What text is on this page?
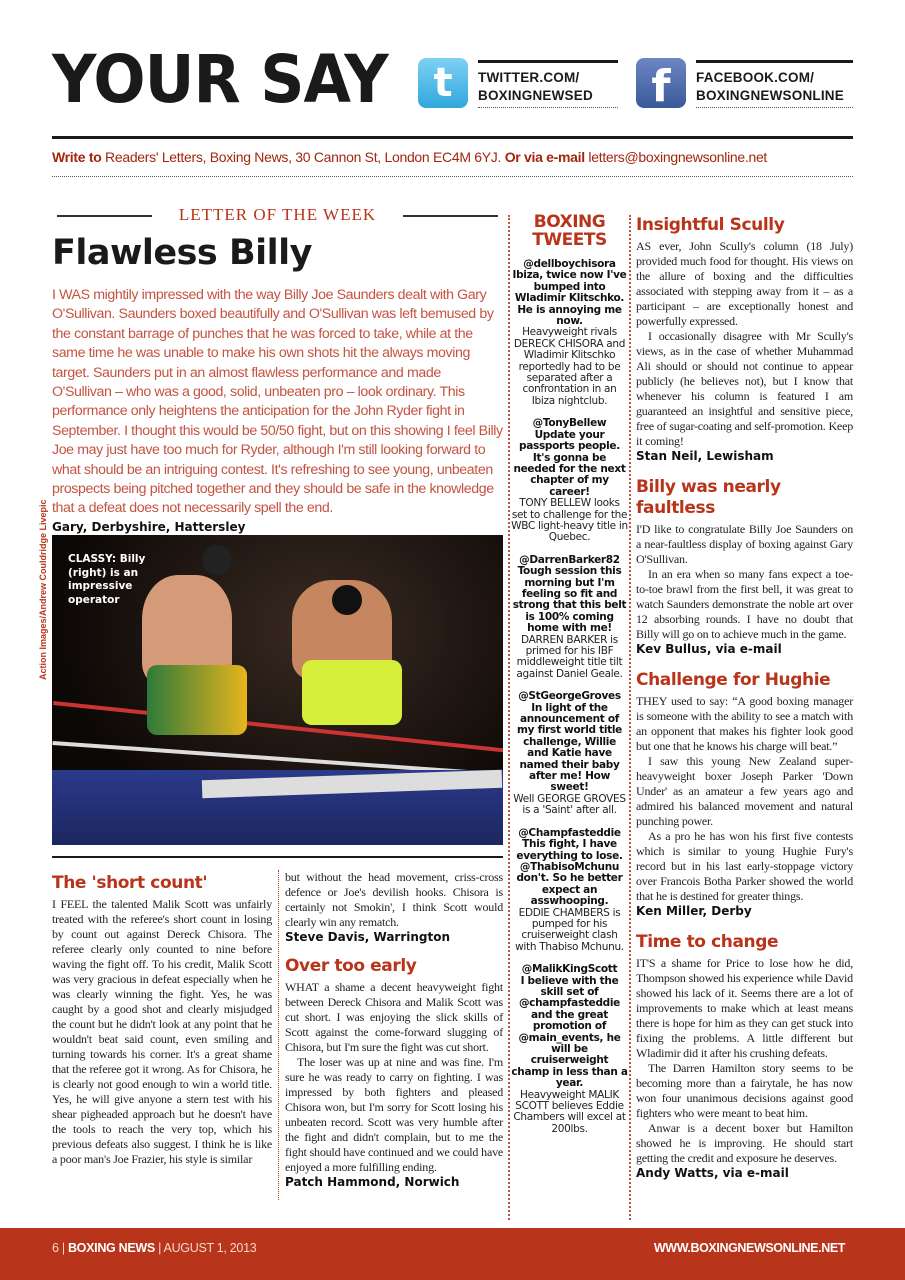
YOUR SAY	t	TWITTER.COM/
BOXINGNEWSED	f	FACEBOOK.COM/
BOXINGNEWSONLINE
Write to Readers' Letters, Boxing News, 30 Cannon St, London EC4M 6YJ. Or via e-mail letters@boxingnewsonline.net
LETTER OF THE WEEK
Flawless Billy
I WAS mightily impressed with the way Billy Joe Saunders dealt with Gary O'Sullivan. Saunders boxed beautifully and O'Sullivan was left bemused by the constant barrage of punches that he was forced to take, while at the same time he was unable to make his own shots hit the always moving target. Saunders put in an almost flawless performance and made O'Sullivan – who was a good, solid, unbeaten pro – look ordinary. This performance only heightens the anticipation for the John Ryder fight in September. I thought this would be 50/50 fight, but on this showing I feel Billy Joe may just have too much for Ryder, although I'm still looking forward to what should be an intriguing contest. It's refreshing to see young, unbeaten prospects being pitched together and they should be safe in the knowledge that a defeat does not necessarily spell the end.
Gary, Derbyshire, Hattersley
Action Images/Andrew Couldridge Livepic	CLASSY: Billy (right) is an impressive operator
The 'short count'

I FEEL the talented Malik Scott was unfairly treated with the referee's short count in losing by count out against Dereck Chisora. The referee clearly only counted to nine before waving the fight off. To his credit, Malik Scott was very gracious in defeat especially when he was clearly winning the fight. Yes, he was caught by a good shot and clearly misjudged the count but he didn't look at any point that he wouldn't beat said count, even smiling and turning towards his corner. It's a great shame that the referee got it wrong. As for Chisora, he is clearly not good enough to win a world title. Yes, he will give anyone a stern test with his shear pigheaded approach but he doesn't have the tools to reach the very top, which his previous defeats also suggest. I think he is like a poor man's Joe Frazier, his style is similar

but without the head movement, criss-cross defence or Joe's devilish hooks. Chisora is certainly not Smokin', I think Scott would clearly win any rematch.

Steve Davis, Warrington
Over too early

WHAT a shame a decent heavyweight fight between Dereck Chisora and Malik Scott was cut short. I was enjoying the slick skills of Scott against the come-forward slugging of Chisora, but I'm sure the fight was cut short.

The loser was up at nine and was fine. I'm sure he was ready to carry on fighting. I was impressed by both fighters and pleased Chisora won, but I'm sorry for Scott losing his unbeaten record. Scott was very humble after the fight and didn't complain, but to me the fight should have continued and we could have enjoyed a more fulfilling ending.

Patch Hammond, Norwich
BOXING TWEETS
@dellboychisora
Ibiza, twice now I've bumped into Wladimir Klitschko. He is annoying me now.
Heavyweight rivals DERECK CHISORA and Wladimir Klitschko reportedly had to be separated after a confrontation in an Ibiza nightclub.
@TonyBellew
Update your passports people. It's gonna be needed for the next chapter of my career!
TONY BELLEW looks set to challenge for the WBC light-heavy title in Quebec.
@DarrenBarker82
Tough session this morning but I'm feeling so fit and strong that this belt is 100% coming home with me!
DARREN BARKER is primed for his IBF middleweight title tilt against Daniel Geale.
@StGeorgeGroves
In light of the announcement of my first world title challenge, Willie and Katie have named their baby after me! How sweet!
Well GEORGE GROVES is a 'Saint' after all.
@Champfasteddie
This fight, I have everything to lose. @ThabisoMchunu don't. So he better expect an asswhooping.
EDDIE CHAMBERS is pumped for his cruiserweight clash with Thabiso Mchunu.
@MalikKingScott
I believe with the skill set of @champfasteddie and the great promotion of @main_events, he will be cruiserweight champ in less than a year.
Heavyweight MALIK SCOTT believes Eddie Chambers will excel at 200lbs.
Insightful Scully

AS ever, John Scully's column (18 July) provided much food for thought. His views on the allure of boxing and the difficulties associated with stepping away from it – as a participant – are exceptionally honest and powerfully expressed.

I occasionally disagree with Mr Scully's views, as in the case of whether Muhammad Ali should or should not continue to appear publicly (he believes not), but I know that whenever his column is featured I am guaranteed an insightful and sensitive piece, free of sugar-coating and self-promotion. Keep it coming!

Stan Neil, Lewisham
Billy was nearly faultless

I'D like to congratulate Billy Joe Saunders on a near-faultless display of boxing against Gary O'Sullivan.

In an era when so many fans expect a toe-to-toe brawl from the first bell, it was great to watch Saunders demonstrate the noble art over 12 absorbing rounds. I have no doubt that Billy will go on to achieve much in the game.

Kev Bullus, via e-mail
Challenge for Hughie

THEY used to say: “A good boxing manager is someone with the ability to see a match with an opponent that makes his fighter look good but one that he knows his charge will beat.”

I saw this young New Zealand super-heavyweight boxer Joseph Parker 'Down Under' as an amateur a few years ago and admired his balanced movement and natural punching power.

As a pro he has won his first five contests which is similar to young Hughie Fury's record but in his last early-stoppage victory over Francois Botha Parker showed the world that he is destined for greater things.

Ken Miller, Derby
Time to change

IT'S a shame for Price to lose how he did, Thompson showed his experience while David showed his lack of it. Seems there are a lot of improvements to make which at least means there is hope for him as they can get stuck into fixing the problems. A little different but Wladimir did it after his crushing defeats.

The Darren Hamilton story seems to be becoming more than a fairytale, he has now won four unanimous decisions against good fighters who were meant to beat him.

Anwar is a decent boxer but Hamilton showed he is improving. He should start getting the credit and exposure he deserves.

Andy Watts, via e-mail
6 | BOXING NEWS | AUGUST 1, 2013	WWW.BOXINGNEWSONLINE.NET
